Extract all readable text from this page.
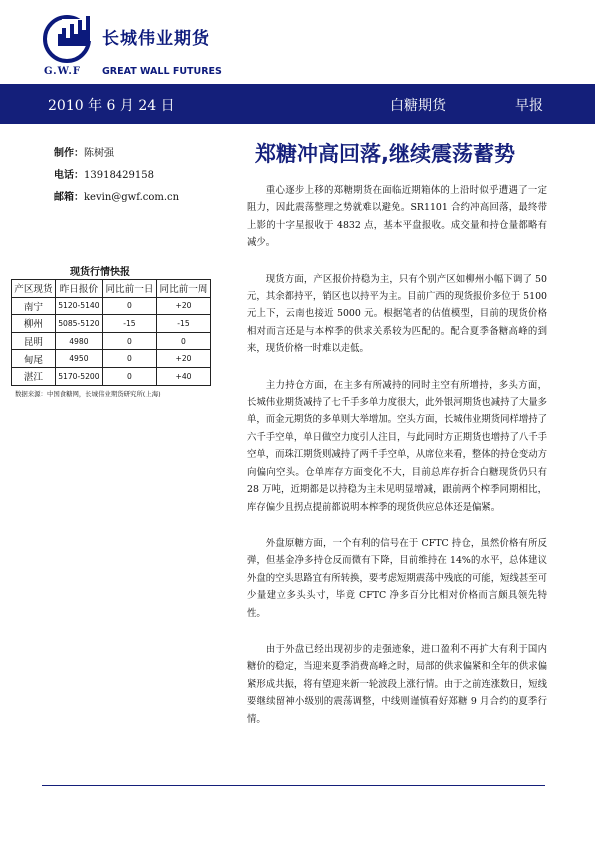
长城伟业期货
G.W.F GREAT WALL FUTURES
2010 年 6 月 24 日	白糖期货	早报
制作：陈树强
电话：13918429158
邮箱：kevin@gwf.com.cn
郑糖冲高回落,继续震荡蓄势

重心逐步上移的郑糖期货在面临近期箱体的上沿时似乎遭遇了一定阻力，因此震荡整理之势就难以避免。SR1101 合约冲高回落，最终带上影的十字星报收于 4832 点，基本平盘报收。成交量和持仓量都略有减少。

现货方面，产区报价持稳为主，只有个别产区如柳州小幅下调了 50 元，其余都持平，销区也以持平为主。目前广西的现货报价多位于 5100 元上下，云南也接近 5000 元。根据笔者的估值模型，目前的现货价格相对而言还是与本榨季的供求关系较为匹配的。配合夏季备糖高峰的到来，现货价格一时难以走低。

主力持仓方面，在主多有所减持的同时主空有所增持，多头方面，长城伟业期货减持了七千手多单力度很大，此外银河期货也减持了大量多单，而金元期货的多单则大举增加。空头方面，长城伟业期货同样增持了六千手空单，单日做空力度引人注目，与此同时方正期货也增持了八千手空单，而珠江期货则减持了两千手空单，从席位来看，整体的持仓变动方向偏向空头。仓单库存方面变化不大，目前总库存折合白糖现货仍只有 28 万吨，近期都是以持稳为主未见明显增减，跟前两个榨季同期相比，库存偏少且拐点提前都说明本榨季的现货供应总体还是偏紧。

外盘原糖方面，一个有利的信号在于 CFTC 持仓，虽然价格有所反弹，但基金净多持仓反而微有下降，目前维持在 14%的水平，总体建议外盘的空头思路宜有所转换，要考虑短期震荡中残底的可能，短线甚至可少量建立多头头寸，毕竟 CFTC 净多百分比相对价格而言颇具领先特性。

由于外盘已经出现初步的走强迹象，进口盈利不再扩大有利于国内糖价的稳定，当迎来夏季消费高峰之时，局部的供求偏紧和全年的供求偏紧形成共振，将有望迎来新一轮波段上涨行情。由于之前连涨数日，短线要继续留神小级别的震荡调整，中线则谨慎看好郑糖 9 月合约的夏季行情。

现货行情快报
产区现货	昨日报价	同比前一日	同比前一周
南宁	5120-5140	0	+20
柳州	5085-5120	-15	-15
昆明	4980	0	0
甸尾	4950	0	+20
湛江	5170-5200	0	+40
数据来源：中国食糖网，长城伟业期货研究所(上海)
